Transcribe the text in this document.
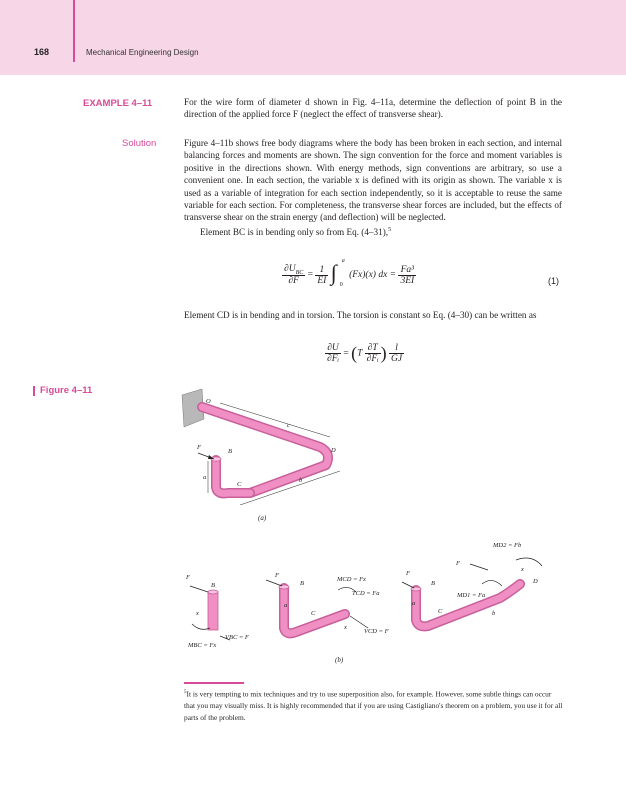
168	Mechanical Engineering Design
EXAMPLE 4–11	For the wire form of diameter d shown in Fig. 4–11a, determine the deflection of point B in the direction of the applied force F (neglect the effect of transverse shear).

Solution	Figure 4–11b shows free body diagrams where the body has been broken in each section, and internal balancing forces and moments are shown. The sign convention for the force and moment variables is positive in the directions shown. With energy methods, sign conventions are arbitrary, so use a convenient one. In each section, the variable x is defined with its origin as shown. The variable x is used as a variable of integration for each section independently, so it is acceptable to reuse the same variable for each section. For completeness, the transverse shear forces are included, but the effects of transverse shear on the strain energy (and deflection) will be neglected.

Element BC is in bending only so from Eq. (4–31),$^5$

$\frac{\partial U_{BC}}{\partial F} = \frac{1}{EI}$
∫ a
0
(Fx)(x) dx = $\frac{\text{Fa³}}{3EI}$	(1)

Element CD is in bending and in torsion. The torsion is constant so Eq. (4–30) can be written as

$\frac{\partial U}{\text{∂Fᵢ}} = (T \frac{\partial T}{\text{∂Fᵢ}}$ ) $\frac{l}{GJ}$
Figure 4–11
O
c
F
B	D
a
C
b
(a)
F
B
x
VBC = F
MBC = Fx
F
B
MCD = Fx
TCD = Fa
a
C
x
VCD = F
MD2 = Fb
F
x
F
B	D
MD1 = Fa
a
C	b
(b)
$^5$It is very tempting to mix techniques and try to use superposition also, for example. However, some subtle things can occur that you may visually miss. It is highly recommended that if you are using Castigliano's theorem on a problem, you use it for all parts of the problem.
